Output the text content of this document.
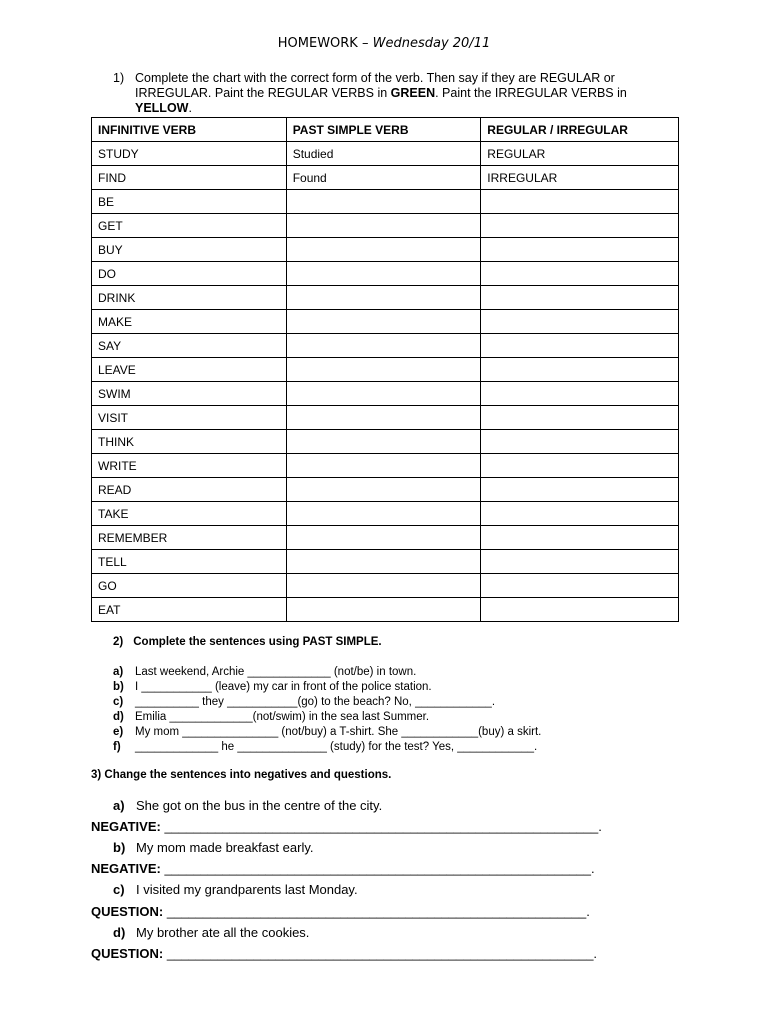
HOMEWORK – Wednesday 20/11
1) Complete the chart with the correct form of the verb. Then say if they are REGULAR or IRREGULAR. Paint the REGULAR VERBS in GREEN. Paint the IRREGULAR VERBS in YELLOW.
INFINITIVE VERB	PAST SIMPLE VERB	REGULAR / IRREGULAR
STUDY	Studied	REGULAR
FIND	Found	IRREGULAR
BE		
GET		
BUY		
DO		
DRINK		
MAKE		
SAY		
LEAVE		
SWIM		
VISIT		
THINK		
WRITE		
READ		
TAKE		
REMEMBER		
TELL		
GO		
EAT		
2) Complete the sentences using PAST SIMPLE.
a) Last weekend, Archie _____________ (not/be) in town.
b) I ___________ (leave) my car in front of the police station.
c) __________ they ___________(go) to the beach? No, ____________.
d) Emilia _____________(not/swim) in the sea last Summer.
e) My mom _______________ (not/buy) a T-shirt. She ____________(buy) a skirt.
f) _____________ he ______________ (study) for the test? Yes, ____________.
3) Change the sentences into negatives and questions.
a) She got on the bus in the centre of the city.
NEGATIVE: ____________________________________________________________.
b) My mom made breakfast early.
NEGATIVE: ___________________________________________________________.
c) I visited my grandparents last Monday.
QUESTION: __________________________________________________________.
d) My brother ate all the cookies.
QUESTION: ___________________________________________________________.
